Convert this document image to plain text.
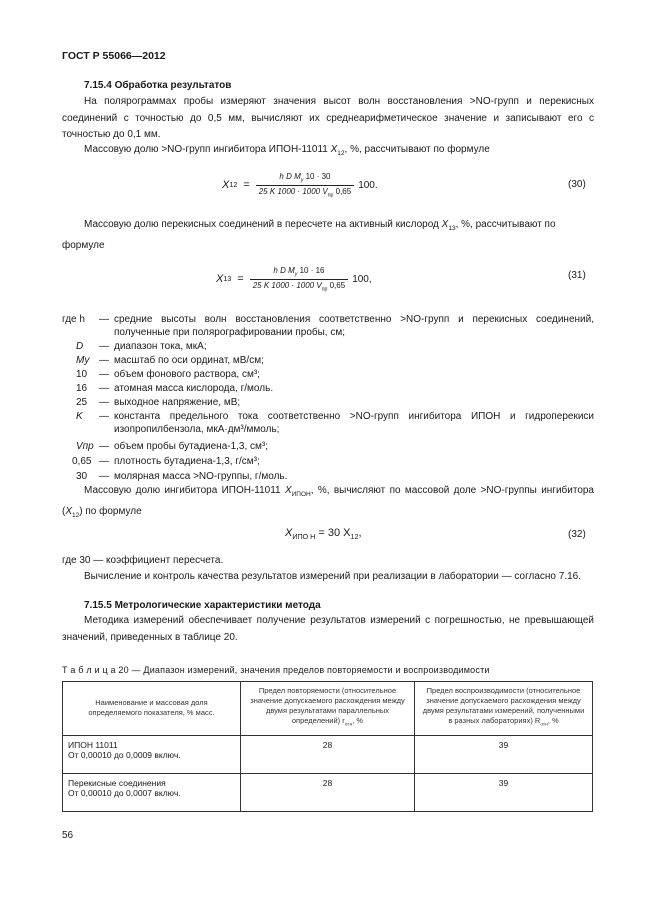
ГОСТ Р 55066—2012
7.15.4 Обработка результатов
На полярограммах пробы измеряют значения высот волн восстановления >NO-групп и перекисных соединений с точностью до 0,5 мм, вычисляют их среднеарифметическое значение и записывают его с точностью до 0,1 мм.
Массовую долю >NO-групп ингибитора ИПОН-11011 $X_{12}$, %, рассчитывают по формуле
X $12 = \frac{h D M_y 10 \cdot 30}{25 K 1000 \cdot 1000 V_{пр} 0,65} 100$.	(30)
Массовую долю перекисных соединений в пересчете на активный кислород $X_{13}$, %, рассчитывают по формуле
X $13 = \frac{h D M_y 10 \cdot 16}{25 K 1000 \cdot 1000 V_{пр} 0,65} 100$,	(31)
где h	— средние высоты волн восстановления соответственно >NO-групп и перекисных соединений, полученные при полярографировании пробы, см;
D	— диапазон тока, мкА;
My — масштаб по оси ординат, мВ/см;
10	— объем фонового раствора, см³;
16	— атомная масса кислорода, г/моль.
25	— выходное напряжение, мВ;
K	— константа предельного тока соответственно >NO-групп ингибитора ИПОН и гидроперекиси изопропилбензола, мкА·дм³/ммоль;
Vпр — объем пробы бутадиена-1,3, см³;
0,65 — плотность бутадиена-1,3, г/см³;
30	— молярная масса >NO-группы, г/моль.
Массовую долю ингибитора ИПОН-11011 $X_{ИПОН}$, %, вычисляют по массовой доле >NO-группы ингибитора $(X_{12})$ по формуле
$X_{ИПО Н} = 30$ $X_{12}$,	(32)
где 30 — коэффициент пересчета.
Вычисление и контроль качества результатов измерений при реализации в лаборатории — согласно 7.16.
7.15.5 Метрологические характеристики метода
Методика измерений обеспечивает получение результатов измерений с погрешностью, не превышающей значений, приведенных в таблице 20.
Т а б л и ц а 20 — Диапазон измерений, значения пределов повторяемости и воспроизводимости
Наименование и массовая доля определяемого показателя, % масс.	Предел повторяемости (относительное значение допускаемого расхождения между двумя результатами параллельных определений) $r_{отн}$, %	Предел воспроизводимости (относительное значение допускаемого расхождения между двумя результатами измерений, полученными в разных лабораториях) $R_{отн}$, %

ИПОН 11011
От 0,00010 до 0,0009 включ.	28	39

Перекисные соединения
От 0,00010 до 0,0007 включ.	28	39
56
